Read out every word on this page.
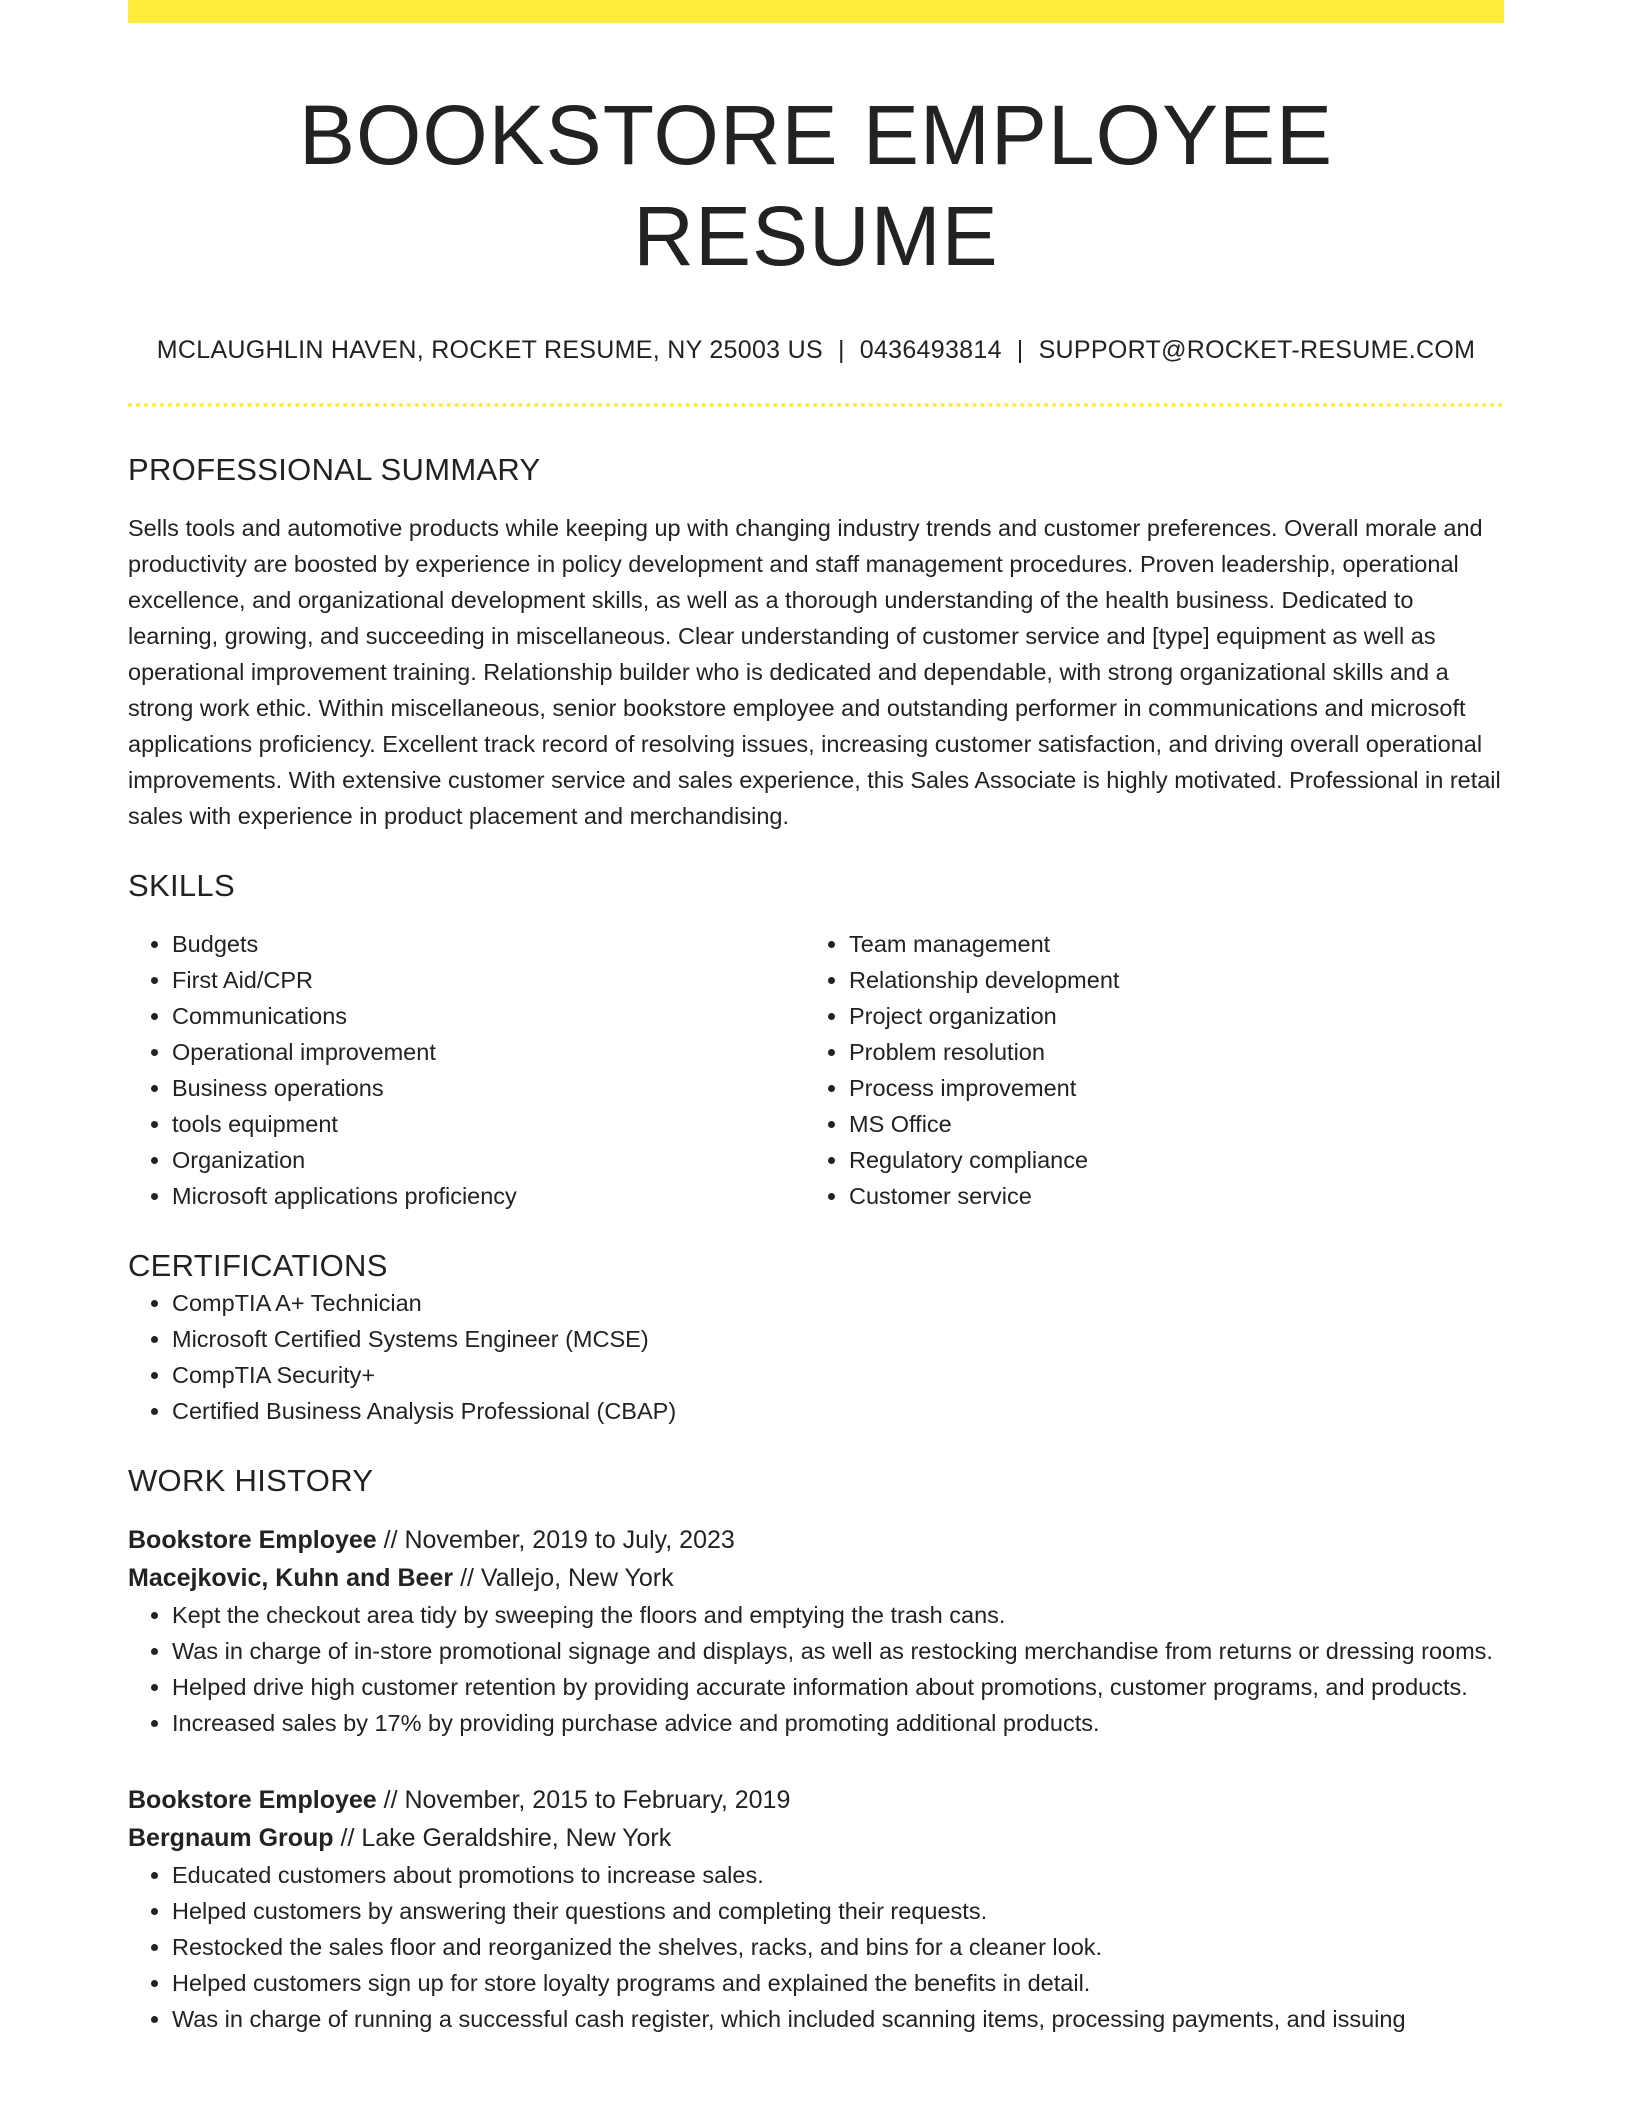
BOOKSTORE EMPLOYEE RESUME
MCLAUGHLIN HAVEN, ROCKET RESUME, NY 25003 US | 0436493814 | SUPPORT@ROCKET-RESUME.COM
PROFESSIONAL SUMMARY

Sells tools and automotive products while keeping up with changing industry trends and customer preferences. Overall morale and productivity are boosted by experience in policy development and staff management procedures. Proven leadership, operational excellence, and organizational development skills, as well as a thorough understanding of the health business. Dedicated to learning, growing, and succeeding in miscellaneous. Clear understanding of customer service and [type] equipment as well as operational improvement training. Relationship builder who is dedicated and dependable, with strong organizational skills and a strong work ethic. Within miscellaneous, senior bookstore employee and outstanding performer in communications and microsoft applications proficiency. Excellent track record of resolving issues, increasing customer satisfaction, and driving overall operational improvements. With extensive customer service and sales experience, this Sales Associate is highly motivated. Professional in retail sales with experience in product placement and merchandising.

SKILLS
• Budgets
• First Aid/CPR
• Communications
• Operational improvement
• Business operations
• tools equipment
• Organization
• Microsoft applications proficiency
• Team management
• Relationship development
• Project organization
• Problem resolution
• Process improvement
• MS Office
• Regulatory compliance
• Customer service
CERTIFICATIONS
• CompTIA A+ Technician
• Microsoft Certified Systems Engineer (MCSE)
• CompTIA Security+
• Certified Business Analysis Professional (CBAP)
WORK HISTORY
Bookstore Employee // November, 2019 to July, 2023
Macejkovic, Kuhn and Beer // Vallejo, New York
• Kept the checkout area tidy by sweeping the floors and emptying the trash cans.
• Was in charge of in-store promotional signage and displays, as well as restocking merchandise from returns or dressing rooms.
• Helped drive high customer retention by providing accurate information about promotions, customer programs, and products.
• Increased sales by 17% by providing purchase advice and promoting additional products.
Bookstore Employee // November, 2015 to February, 2019
Bergnaum Group // Lake Geraldshire, New York
• Educated customers about promotions to increase sales.
• Helped customers by answering their questions and completing their requests.
• Restocked the sales floor and reorganized the shelves, racks, and bins for a cleaner look.
• Helped customers sign up for store loyalty programs and explained the benefits in detail.
• Was in charge of running a successful cash register, which included scanning items, processing payments, and issuing
